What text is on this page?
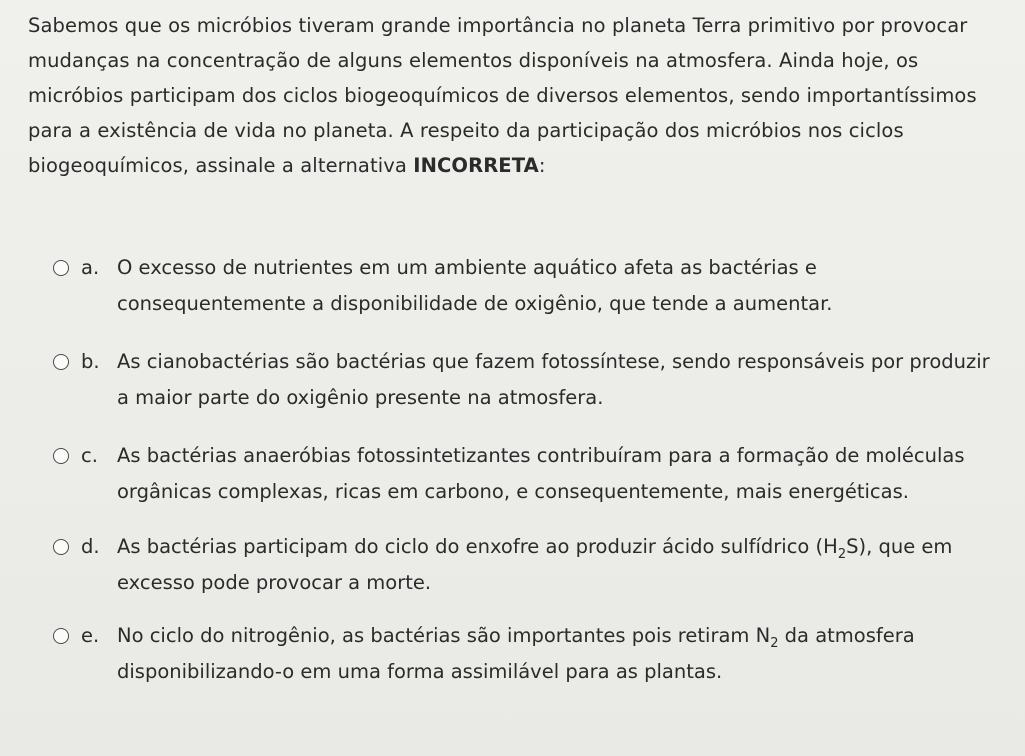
Sabemos que os micróbios tiveram grande importância no planeta Terra primitivo por provocar mudanças na concentração de alguns elementos disponíveis na atmosfera. Ainda hoje, os micróbios participam dos ciclos biogeoquímicos de diversos elementos, sendo importantíssimos para a existência de vida no planeta. A respeito da participação dos micróbios nos ciclos biogeoquímicos, assinale a alternativa INCORRETA:
a. O excesso de nutrientes em um ambiente aquático afeta as bactérias e consequentemente a disponibilidade de oxigênio, que tende a aumentar.
b. As cianobactérias são bactérias que fazem fotossíntese, sendo responsáveis por produzir a maior parte do oxigênio presente na atmosfera.
c. As bactérias anaeróbias fotossintetizantes contribuíram para a formação de moléculas orgânicas complexas, ricas em carbono, e consequentemente, mais energéticas.
d. As bactérias participam do ciclo do enxofre ao produzir ácido sulfídrico $(H_2S)$, que em excesso pode provocar a morte.
e. No ciclo do nitrogênio, as bactérias são importantes pois retiram $N_2$ da atmosfera disponibilizando-o em uma forma assimilável para as plantas.
